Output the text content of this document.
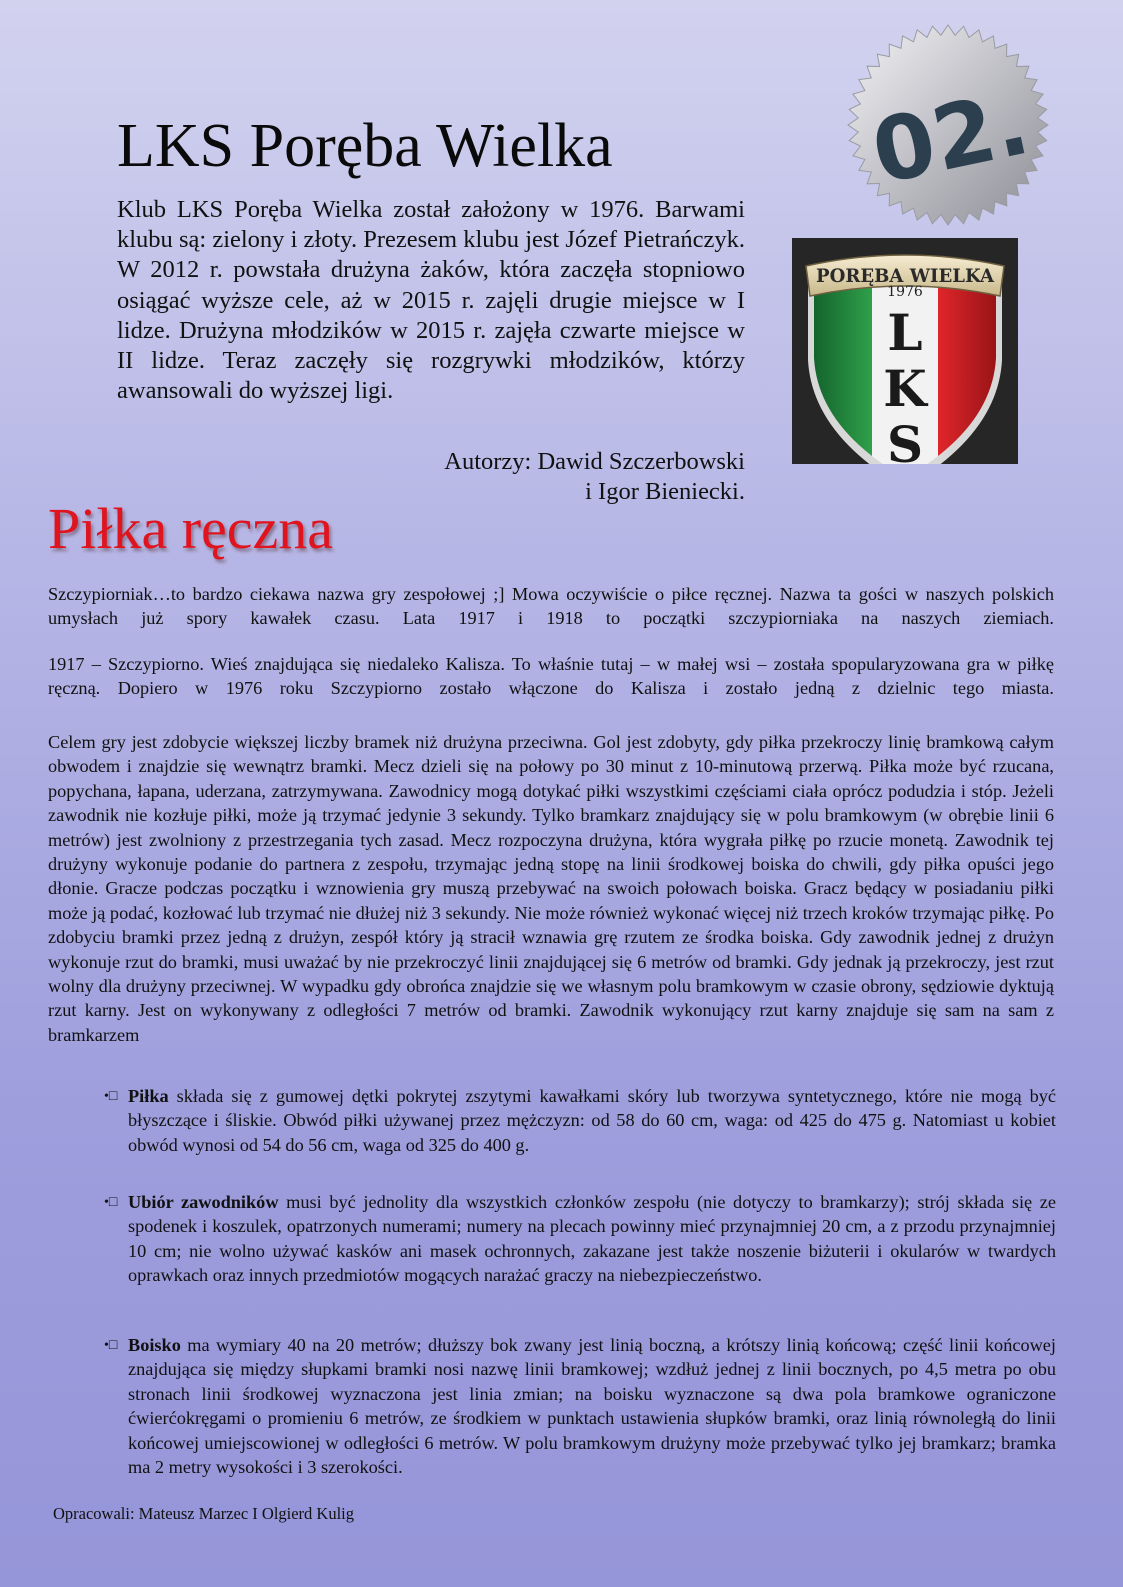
02.
LKS Poręba Wielka

Klub LKS Poręba Wielka został założony w 1976. Barwami klubu są: zielony i złoty. Prezesem klubu jest Józef Pietrańczyk. W 2012 r. powstała drużyna żaków, która zaczęła stopniowo osiągać wyższe cele, aż w 2015 r. zajęli drugie miejsce w I lidze. Drużyna młodzików w 2015 r. zajęła czwarte miejsce w II lidze. Teraz zaczęły się rozgrywki młodzików, którzy awansowali do wyższej ligi.

Autorzy: Dawid Szczerbowski
i Igor Bieniecki.
PORĘBA WIELKA
1976
L
K
S
Piłka ręczna

Szczypiorniak…to bardzo ciekawa nazwa gry zespołowej ;] Mowa oczywiście o piłce ręcznej. Nazwa ta gości w naszych polskich umysłach już spory kawałek czasu. Lata 1917 i 1918 to początki szczypiorniaka na naszych ziemiach.

1917 – Szczypiorno. Wieś znajdująca się niedaleko Kalisza. To właśnie tutaj – w małej wsi – została spopularyzowana gra w piłkę ręczną. Dopiero w 1976 roku Szczypiorno zostało włączone do Kalisza i zostało jedną z dzielnic tego miasta.

Celem gry jest zdobycie większej liczby bramek niż drużyna przeciwna. Gol jest zdobyty, gdy piłka przekroczy linię bramkową całym obwodem i znajdzie się wewnątrz bramki. Mecz dzieli się na połowy po 30 minut z 10-minutową przerwą. Piłka może być rzucana, popychana, łapana, uderzana, zatrzymywana. Zawodnicy mogą dotykać piłki wszystkimi częściami ciała oprócz podudzia i stóp. Jeżeli zawodnik nie kozłuje piłki, może ją trzymać jedynie 3 sekundy. Tylko bramkarz znajdujący się w polu bramkowym (w obrębie linii 6 metrów) jest zwolniony z przestrzegania tych zasad. Mecz rozpoczyna drużyna, która wygrała piłkę po rzucie monetą. Zawodnik tej drużyny wykonuje podanie do partnera z zespołu, trzymając jedną stopę na linii środkowej boiska do chwili, gdy piłka opuści jego dłonie. Gracze podczas początku i wznowienia gry muszą przebywać na swoich połowach boiska. Gracz będący w posiadaniu piłki może ją podać, kozłować lub trzymać nie dłużej niż 3 sekundy. Nie może również wykonać więcej niż trzech kroków trzymając piłkę. Po zdobyciu bramki przez jedną z drużyn, zespół który ją stracił wznawia grę rzutem ze środka boiska. Gdy zawodnik jednej z drużyn wykonuje rzut do bramki, musi uważać by nie przekroczyć linii znajdującej się 6 metrów od bramki. Gdy jednak ją przekroczy, jest rzut wolny dla drużyny przeciwnej. W wypadku gdy obrońca znajdzie się we własnym polu bramkowym w czasie obrony, sędziowie dyktują rzut karny. Jest on wykonywany z odległości 7 metrów od bramki. Zawodnik wykonujący rzut karny znajduje się sam na sam z bramkarzem

•□ Piłka składa się z gumowej dętki pokrytej zszytymi kawałkami skóry lub tworzywa syntetycznego, które nie mogą być błyszczące i śliskie. Obwód piłki używanej przez mężczyzn: od 58 do 60 cm, waga: od 425 do 475 g. Natomiast u kobiet obwód wynosi od 54 do 56 cm, waga od 325 do 400 g.

•□ Ubiór zawodników musi być jednolity dla wszystkich członków zespołu (nie dotyczy to bramkarzy); strój składa się ze spodenek i koszulek, opatrzonych numerami; numery na plecach powinny mieć przynajmniej 20 cm, a z przodu przynajmniej 10 cm; nie wolno używać kasków ani masek ochronnych, zakazane jest także noszenie biżuterii i okularów w twardych oprawkach oraz innych przedmiotów mogących narażać graczy na niebezpieczeństwo.

•□ Boisko ma wymiary 40 na 20 metrów; dłuższy bok zwany jest linią boczną, a krótszy linią końcową; część linii końcowej znajdująca się między słupkami bramki nosi nazwę linii bramkowej; wzdłuż jednej z linii bocznych, po 4,5 metra po obu stronach linii środkowej wyznaczona jest linia zmian; na boisku wyznaczone są dwa pola bramkowe ograniczone ćwierćokręgami o promieniu 6 metrów, ze środkiem w punktach ustawienia słupków bramki, oraz linią równoległą do linii końcowej umiejscowionej w odległości 6 metrów. W polu bramkowym drużyny może przebywać tylko jej bramkarz; bramka ma 2 metry wysokości i 3 szerokości.

Opracowali: Mateusz Marzec I Olgierd Kulig
